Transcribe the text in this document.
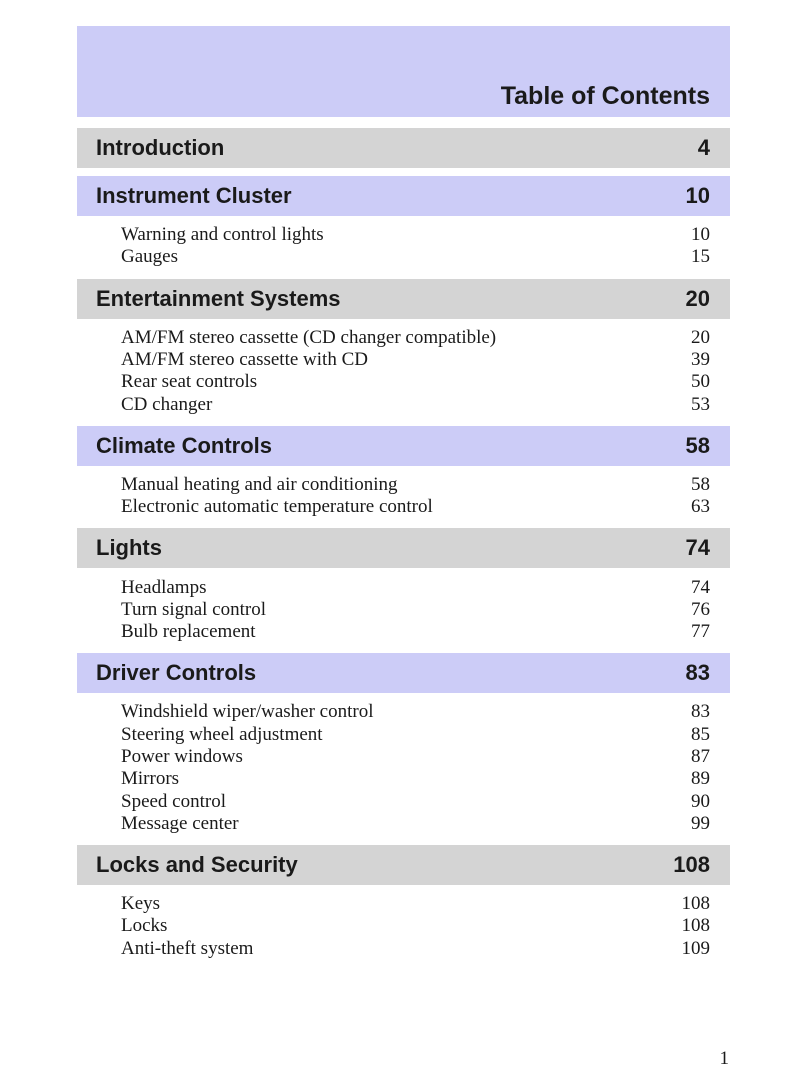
Table of Contents
Introduction	4
Instrument Cluster	10
Warning and control lights	10
Gauges	15
Entertainment Systems	20
AM/FM stereo cassette (CD changer compatible)	20
AM/FM stereo cassette with CD	39
Rear seat controls	50
CD changer	53
Climate Controls	58
Manual heating and air conditioning	58
Electronic automatic temperature control	63
Lights	74
Headlamps	74
Turn signal control	76
Bulb replacement	77
Driver Controls	83
Windshield wiper/washer control	83
Steering wheel adjustment	85
Power windows	87
Mirrors	89
Speed control	90
Message center	99
Locks and Security	108
Keys	108
Locks	108
Anti-theft system	109
1
